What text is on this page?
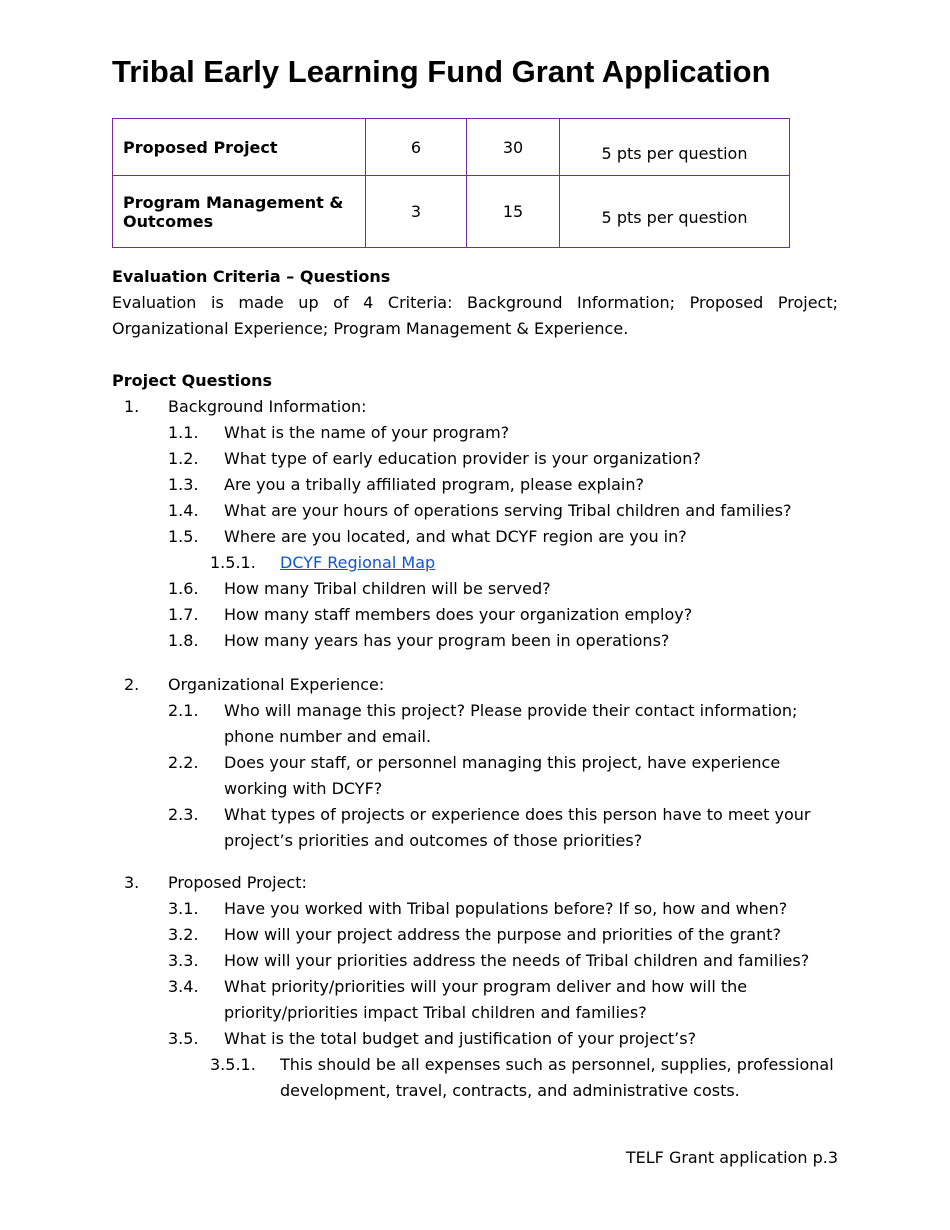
Tribal Early Learning Fund Grant Application
Proposed Project	6	30	5 pts per question
Program Management & Outcomes	3	15	5 pts per question
Evaluation Criteria – Questions
Evaluation is made up of 4 Criteria: Background Information; Proposed Project; Organizational Experience; Program Management & Experience.
Project Questions
1. Background Information:
1.1. What is the name of your program?
1.2. What type of early education provider is your organization?
1.3. Are you a tribally affiliated program, please explain?
1.4. What are your hours of operations serving Tribal children and families?
1.5. Where are you located, and what DCYF region are you in?
1.5.1. DCYF Regional Map
1.6. How many Tribal children will be served?
1.7. How many staff members does your organization employ?
1.8. How many years has your program been in operations?
2. Organizational Experience:
2.1. Who will manage this project? Please provide their contact information; phone number and email.
2.2. Does your staff, or personnel managing this project, have experience working with DCYF?
2.3. What types of projects or experience does this person have to meet your project’s priorities and outcomes of those priorities?
3. Proposed Project:
3.1. Have you worked with Tribal populations before? If so, how and when?
3.2. How will your project address the purpose and priorities of the grant?
3.3. How will your priorities address the needs of Tribal children and families?
3.4. What priority/priorities will your program deliver and how will the priority/priorities impact Tribal children and families?
3.5. What is the total budget and justification of your project’s?
3.5.1. This should be all expenses such as personnel, supplies, professional development, travel, contracts, and administrative costs.
TELF Grant application p.3
